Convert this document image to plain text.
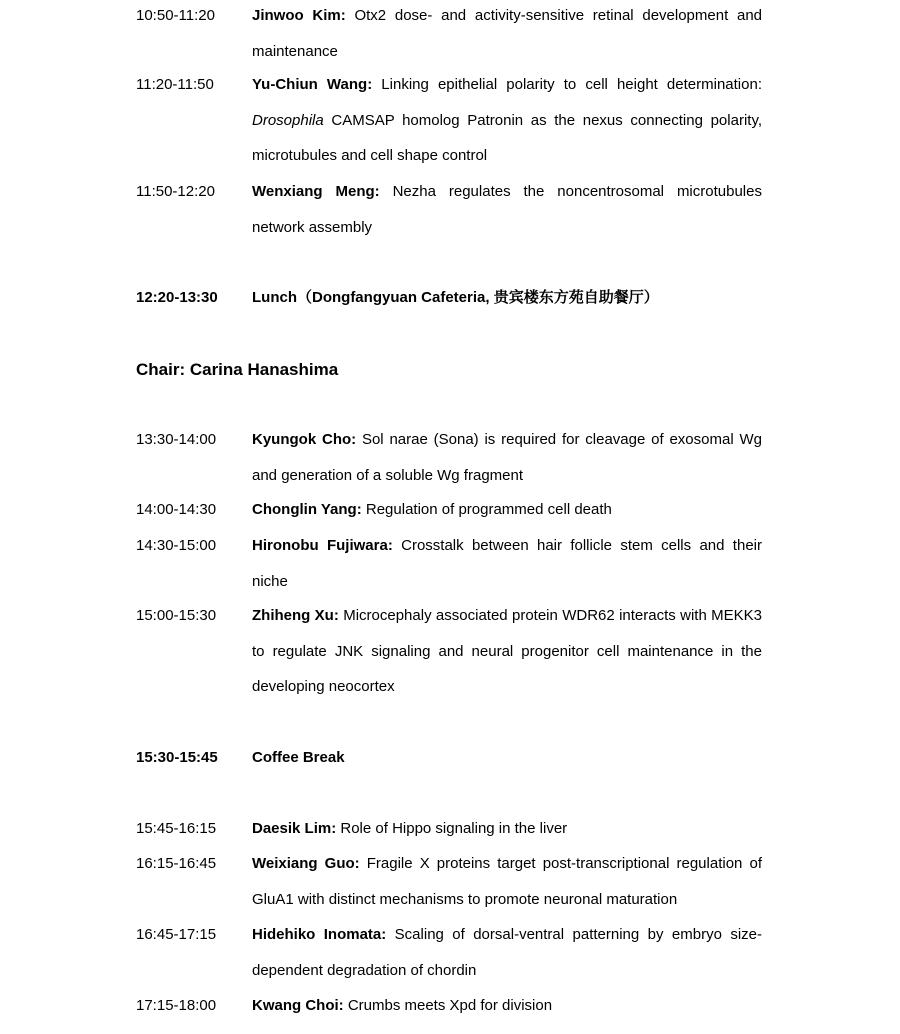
10:50-11:20	Jinwoo Kim: Otx2 dose- and activity-sensitive retinal development and maintenance
11:20-11:50	Yu-Chiun Wang: Linking epithelial polarity to cell height determination: Drosophila CAMSAP homolog Patronin as the nexus connecting polarity, microtubules and cell shape control
11:50-12:20	Wenxiang Meng: Nezha regulates the noncentrosomal microtubules network assembly
12:20-13:30	Lunch（Dongfangyuan Cafeteria, 贵宾楼东方苑自助餐厅）
Chair: Carina Hanashima
13:30-14:00	Kyungok Cho: Sol narae (Sona) is required for cleavage of exosomal Wg and generation of a soluble Wg fragment
14:00-14:30	Chonglin Yang: Regulation of programmed cell death
14:30-15:00	Hironobu Fujiwara: Crosstalk between hair follicle stem cells and their niche
15:00-15:30	Zhiheng Xu: Microcephaly associated protein WDR62 interacts with MEKK3 to regulate JNK signaling and neural progenitor cell maintenance in the developing neocortex
15:30-15:45	Coffee Break
15:45-16:15	Daesik Lim: Role of Hippo signaling in the liver
16:15-16:45	Weixiang Guo: Fragile X proteins target post-transcriptional regulation of GluA1 with distinct mechanisms to promote neuronal maturation
16:45-17:15	Hidehiko Inomata: Scaling of dorsal-ventral patterning by embryo size-dependent degradation of chordin
17:15-18:00	Kwang Choi: Crumbs meets Xpd for division
